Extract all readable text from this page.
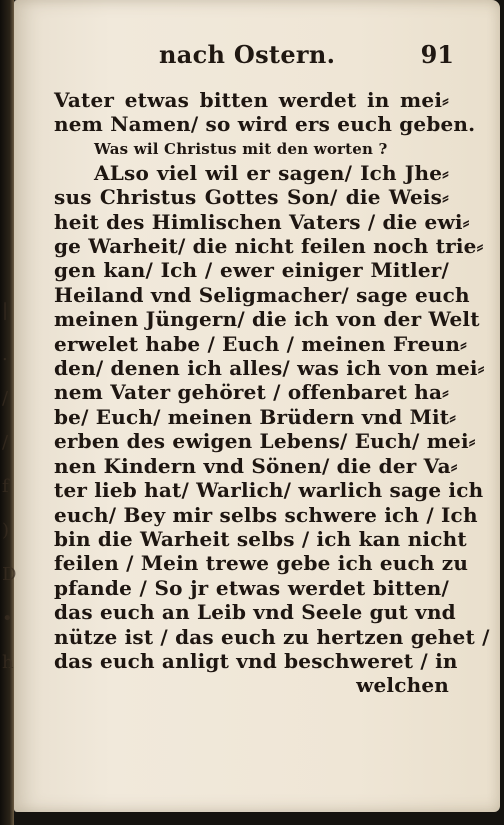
nach Ostern.	91
Vater etwas bitten werdet in mei⸗
nem Namen/ so wird ers euch geben.
Was wil Christus mit den worten ?
ALso viel wil er sagen/ Ich Jhe⸗
sus Christus Gottes Son/ die Weis⸗
heit des Himlischen Vaters / die ewi⸗
ge Warheit/ die nicht feilen noch trie⸗
gen kan/ Ich / ewer einiger Mitler/
Heiland vnd Seligmacher/ sage euch
meinen Jüngern/ die ich von der Welt
erwelet habe / Euch / meinen Freun⸗
den/ denen ich alles/ was ich von mei⸗
nem Vater gehöret / offenbaret ha⸗
be/ Euch/ meinen Brüdern vnd Mit⸗
erben des ewigen Lebens/ Euch/ mei⸗
nen Kindern vnd Sönen/ die der Va⸗
ter lieb hat/ Warlich/ warlich sage ich
euch/ Bey mir selbs schwere ich / Ich
bin die Warheit selbs / ich kan nicht
feilen / Mein trewe gebe ich euch zu
pfande / So jr etwas werdet bitten/
das euch an Leib vnd Seele gut vnd
nütze ist / das euch zu hertzen gehet /
das euch anligt vnd beschweret / in
welchen
|

.

/

/

f

)

D

•

h
